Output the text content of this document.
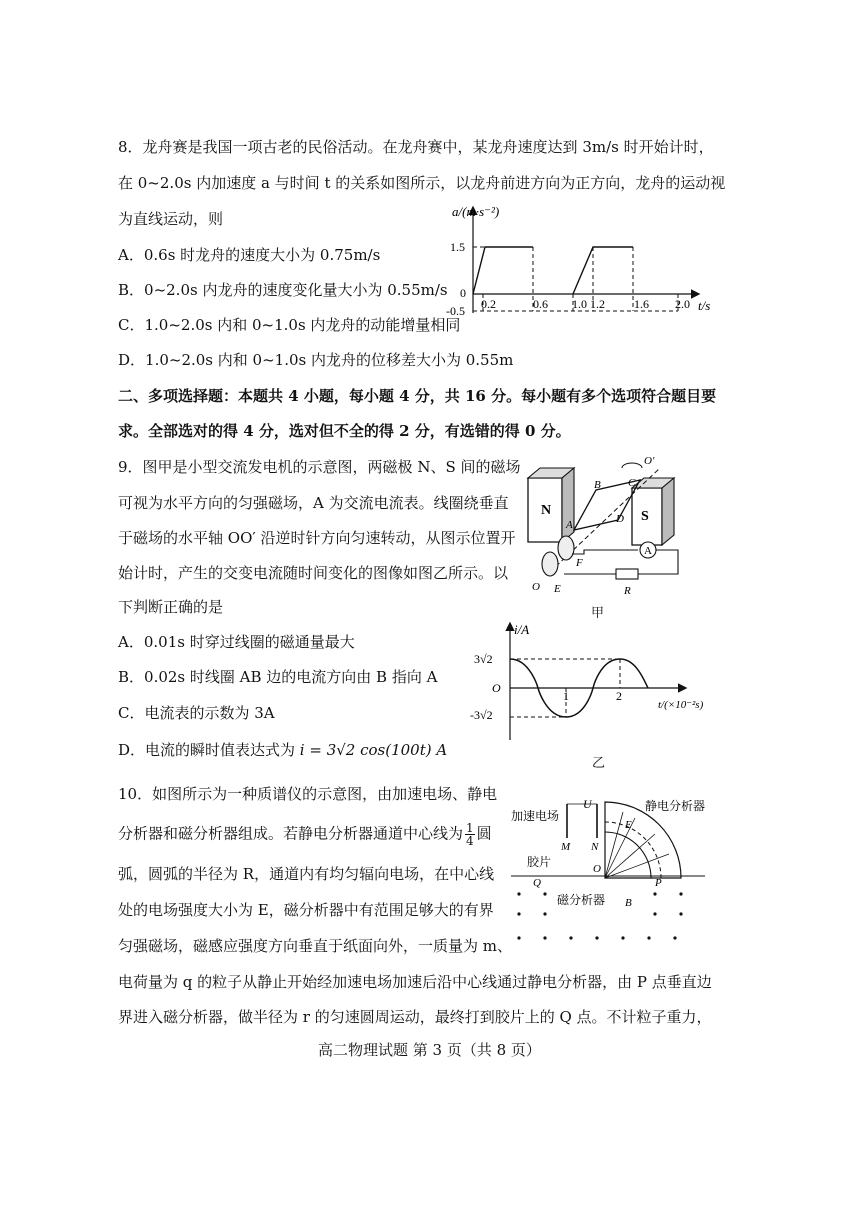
8．龙舟赛是我国一项古老的民俗活动。在龙舟赛中，某龙舟速度达到 3m/s 时开始计时，
在 0~2.0s 内加速度 a 与时间 t 的关系如图所示，以龙舟前进方向为正方向，龙舟的运动视
为直线运动，则
A．0.6s 时龙舟的速度大小为 0.75m/s
B．0~2.0s 内龙舟的速度变化量大小为 0.55m/s
C．1.0~2.0s 内和 0~1.0s 内龙舟的动能增量相同
D．1.0~2.0s 内和 0~1.0s 内龙舟的位移差大小为 0.55m
a/(m·s⁻²)
t/s
1.5
0
-0.5 0.2	0.6 1.0 1.2 1.6 2.0
二、多项选择题：本题共 4 小题，每小题 4 分，共 16 分。每小题有多个选项符合题目要
求。全部选对的得 4 分，选对但不全的得 2 分，有选错的得 0 分。
9．图甲是小型交流发电机的示意图，两磁极 N、S 间的磁场
可视为水平方向的匀强磁场，A 为交流电流表。线圈绕垂直
于磁场的水平轴 OO′ 沿逆时针方向匀速转动，从图示位置开
始计时，产生的交变电流随时间变化的图像如图乙所示。以
下判断正确的是
A．0.01s 时穿过线圈的磁通量最大
B．0.02s 时线圈 AB 边的电流方向由 B 指向 A
C．电流表的示数为 3A
D．电流的瞬时值表达式为 i = 3√2 cos(100t) A
N	S
B C
A	D
O′
F
E
O
A
R
甲
i/A
t/(×10⁻²s)
3√2
O
-3√2
1	2
乙
10．如图所示为一种质谱仪的示意图，由加速电场、静电
分析器和磁分析器组成。若静电分析器通道中心线为 $\frac{1}{4}$ 圆
弧，圆弧的半径为 R，通道内有均匀辐向电场，在中心线
处的电场强度大小为 E，磁分析器中有范围足够大的有界
匀强磁场，磁感应强度方向垂直于纸面向外，一质量为 m、
电荷量为 q 的粒子从静止开始经加速电场加速后沿中心线通过静电分析器，由 P 点垂直边
界进入磁分析器，做半径为 r 的匀速圆周运动，最终打到胶片上的 Q 点。不计粒子重力，
加速电场
静电分析器
胶片
磁分析器
U
M N
E
O
P
Q
B
高二物理试题 第 3 页（共 8 页）
